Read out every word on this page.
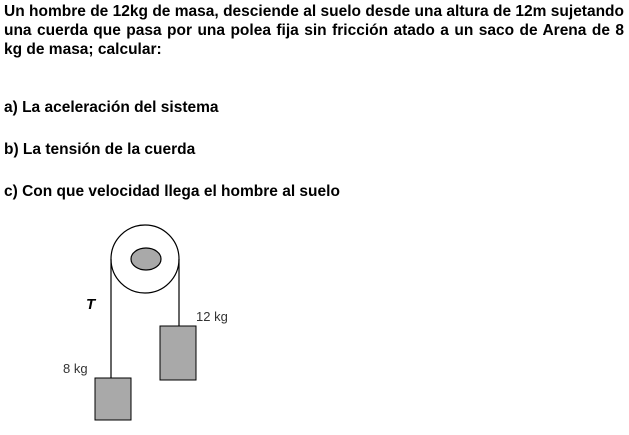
Un hombre de 12kg de masa, desciende al suelo desde una altura de 12m sujetando una cuerda que pasa por una polea fija sin fricción atado a un saco de Arena de 8 kg de masa; calcular:

a) La aceleración del sistema

b) La tensión de la cuerda

c) Con que velocidad llega el hombre al suelo

T
12 kg
8 kg
